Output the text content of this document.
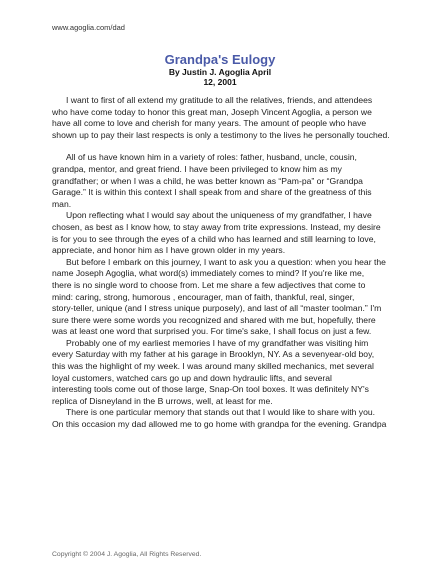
www.agoglia.com/dad
Grandpa's Eulogy
By Justin J. Agoglia April
12, 2001
I want to first of all extend my gratitude to all the relatives, friends, and attendees
who have come today to honor this great man, Joseph Vincent Agoglia, a person we
have all come to love and cherish for many years. The amount of people who have
shown up to pay their last respects is only a testimony to the lives he personally touched.
All of us have known him in a variety of roles: father, husband, uncle, cousin,
grandpa, mentor, and great friend. I have been privileged to know him as my
grandfather; or when I was a child, he was better known as “Pam-pa” or “Grandpa
Garage.” It is within this context I shall speak from and share of the greatness of this
man.
Upon reflecting what I would say about the uniqueness of my grandfather, I have
chosen, as best as I know how, to stay away from trite expressions. Instead, my desire
is for you to see through the eyes of a child who has learned and still learning to love,
appreciate, and honor him as I have grown older in my years.
But before I embark on this journey, I want to ask you a question: when you hear the
name Joseph Agoglia, what word(s) immediately comes to mind? If you're like me,
there is no single word to choose from. Let me share a few adjectives that come to
mind: caring, strong, humorous , encourager, man of faith, thankful, real, singer,
story-teller, unique (and I stress unique purposely), and last of all “master toolman.” I'm
sure there were some words you recognized and shared with me but, hopefully, there
was at least one word that surprised you. For time's sake, I shall focus on just a few.
Probably one of my earliest memories I have of my grandfather was visiting him
every Saturday with my father at his garage in Brooklyn, NY. As a sevenyear-old boy,
this was the highlight of my week. I was around many skilled mechanics, met several
loyal customers, watched cars go up and down hydraulic lifts, and several
interesting tools come out of those large, Snap-On tool boxes. It was definitely NY's
replica of Disneyland in the B urrows, well, at least for me.
There is one particular memory that stands out that I would like to share with you.
On this occasion my dad allowed me to go home with grandpa for the evening. Grandpa
Copyright © 2004 J. Agoglia, All Rights Reserved.
